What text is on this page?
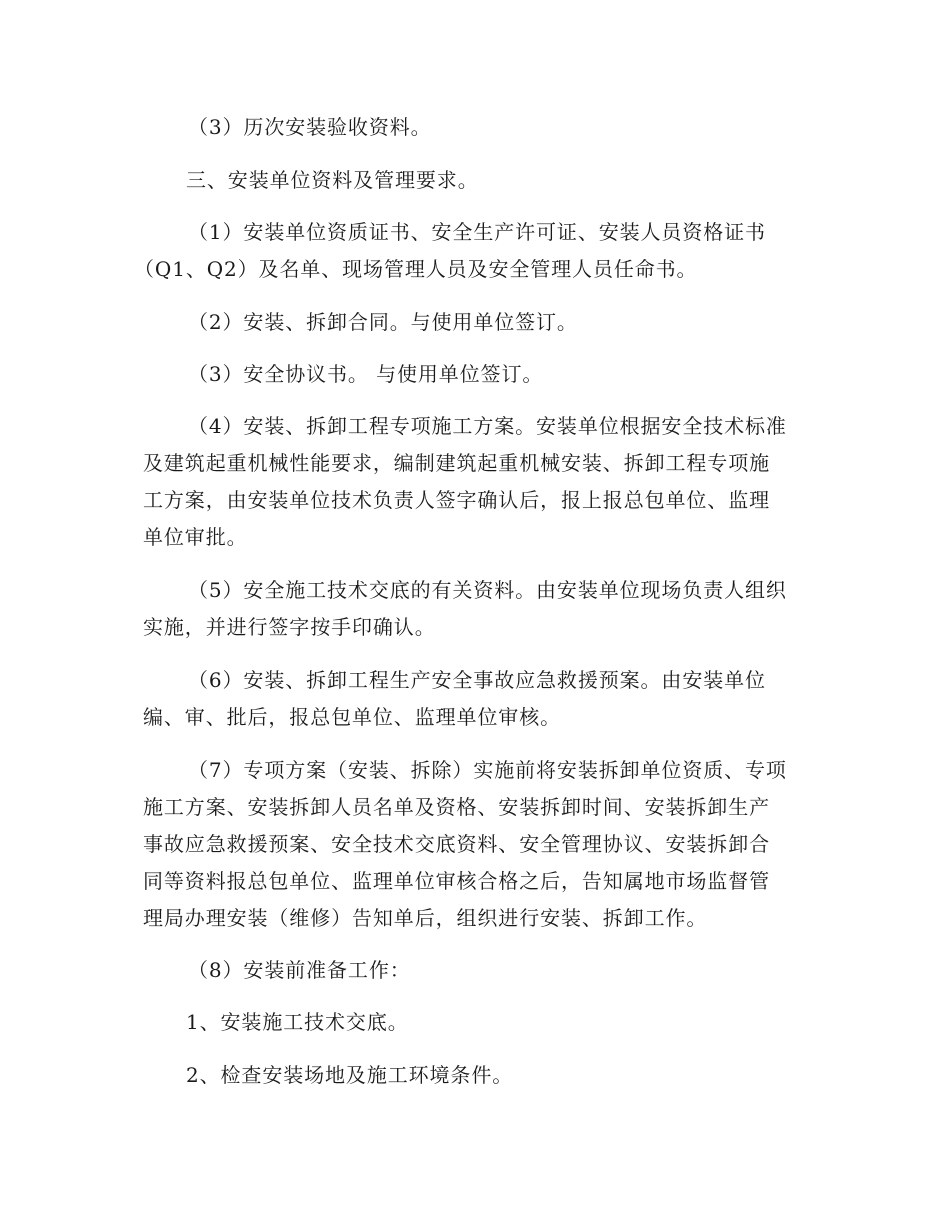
（3）历次安装验收资料。
三、安装单位资料及管理要求。
（1）安装单位资质证书、安全生产许可证、安装人员资格证书
（Q1、Q2）及名单、现场管理人员及安全管理人员任命书。
（2）安装、拆卸合同。与使用单位签订。
（3）安全协议书。 与使用单位签订。
（4）安装、拆卸工程专项施工方案。安装单位根据安全技术标准
及建筑起重机械性能要求，编制建筑起重机械安装、拆卸工程专项施
工方案，由安装单位技术负责人签字确认后，报上报总包单位、监理
单位审批。
（5）安全施工技术交底的有关资料。由安装单位现场负责人组织
实施，并进行签字按手印确认。
（6）安装、拆卸工程生产安全事故应急救援预案。由安装单位
编、审、批后，报总包单位、监理单位审核。
（7）专项方案（安装、拆除）实施前将安装拆卸单位资质、专项
施工方案、安装拆卸人员名单及资格、安装拆卸时间、安装拆卸生产
事故应急救援预案、安全技术交底资料、安全管理协议、安装拆卸合
同等资料报总包单位、监理单位审核合格之后，告知属地市场监督管
理局办理安装（维修）告知单后，组织进行安装、拆卸工作。
（8）安装前准备工作：
1、安装施工技术交底。
2、检查安装场地及施工环境条件。
